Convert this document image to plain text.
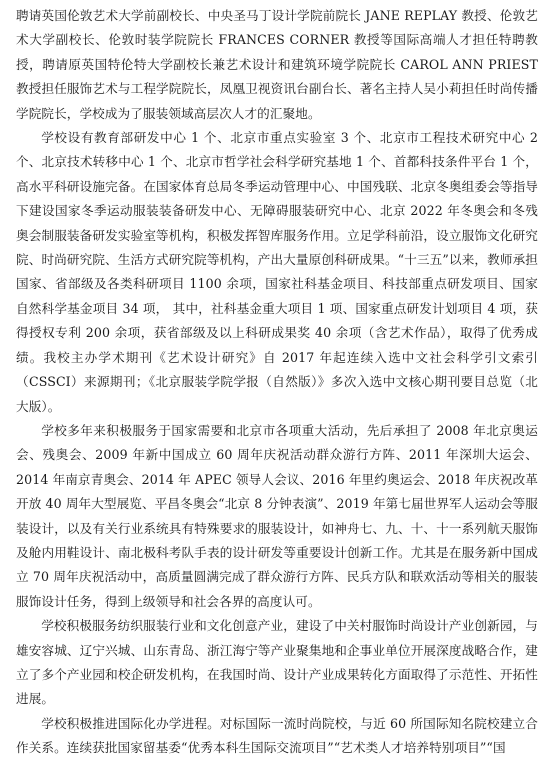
聘请英国伦敦艺术大学前副校长、中央圣马丁设计学院前院长 JANE REPLAY 教授、伦敦艺术大学副校长、伦敦时装学院院长 FRANCES CORNER 教授等国际高端人才担任特聘教授，聘请原英国特伦特大学副校长兼艺术设计和建筑环境学院院长 CAROL ANN PRIEST 教授担任服饰艺术与工程学院院长，凤凰卫视资讯台副台长、著名主持人吴小莉担任时尚传播学院院长，学校成为了服装领域高层次人才的汇聚地。

学校设有教育部研发中心 1 个、北京市重点实验室 3 个、北京市工程技术研究中心 2 个、北京技术转移中心 1 个、北京市哲学社会科学研究基地 1 个、首都科技条件平台 1 个，高水平科研设施完备。在国家体育总局冬季运动管理中心、中国残联、北京冬奥组委会等指导下建设国家冬季运动服装装备研发中心、无障碍服装研究中心、北京 2022 年冬奥会和冬残奥会制服装备研发实验室等机构，积极发挥智库服务作用。立足学科前沿，设立服饰文化研究院、时尚研究院、生活方式研究院等机构，产出大量原创科研成果。“十三五”以来，教师承担国家、省部级及各类科研项目 1100 余项，国家社科基金项目、科技部重点研发项目、国家自然科学基金项目 34 项， 其中，社科基金重大项目 1 项、国家重点研发计划项目 4 项，获得授权专利 200 余项，获省部级及以上科研成果奖 40 余项（含艺术作品），取得了优秀成绩。我校主办学术期刊《艺术设计研究》自 2017 年起连续入选中文社会科学引文索引（CSSCI）来源期刊；《北京服装学院学报（自然版）》多次入选中文核心期刊要目总览（北大版）。

学校多年来积极服务于国家需要和北京市各项重大活动，先后承担了 2008 年北京奥运会、残奥会、2009 年新中国成立 60 周年庆祝活动群众游行方阵、2011 年深圳大运会、2014 年南京青奥会、2014 年 APEC 领导人会议、2016 年里约奥运会、2018 年庆祝改革开放 40 周年大型展览、平昌冬奥会“北京 8 分钟表演”、2019 年第七届世界军人运动会等服装设计，以及有关行业系统具有特殊要求的服装设计，如神舟七、九、十、十一系列航天服饰及舱内用鞋设计、南北极科考队手表的设计研发等重要设计创新工作。尤其是在服务新中国成立 70 周年庆祝活动中，高质量圆满完成了群众游行方阵、民兵方队和联欢活动等相关的服装服饰设计任务，得到上级领导和社会各界的高度认可。

学校积极服务纺织服装行业和文化创意产业，建设了中关村服饰时尚设计产业创新园，与雄安容城、辽宁兴城、山东青岛、浙江海宁等产业聚集地和企事业单位开展深度战略合作，建立了多个产业园和校企研发机构，在我国时尚、设计产业成果转化方面取得了示范性、开拓性进展。

学校积极推进国际化办学进程。对标国际一流时尚院校，与近 60 所国际知名院校建立合作关系。连续获批国家留基委“优秀本科生国际交流项目”“艺术类人才培养特别项目”“国
